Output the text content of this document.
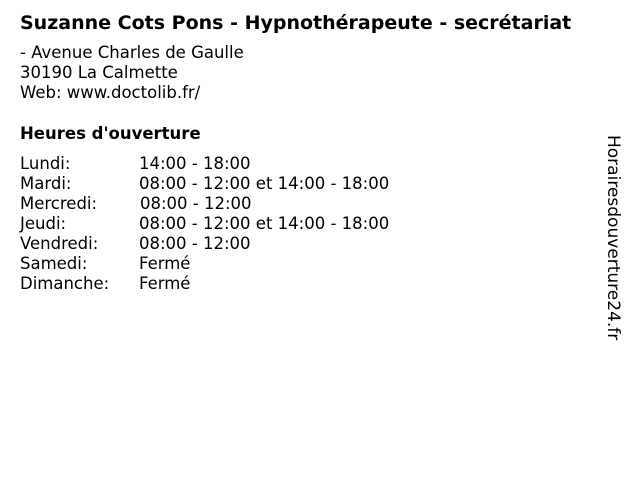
Suzanne Cots Pons - Hypnothérapeute - secrétariat
- Avenue Charles de Gaulle
30190 La Calmette
Web: www.doctolib.fr/
Heures d'ouverture
Lundi:	14:00 - 18:00
Mardi:	08:00 - 12:00 et 14:00 - 18:00
Mercredi:	08:00 - 12:00
Jeudi:	08:00 - 12:00 et 14:00 - 18:00
Vendredi: 08:00 - 12:00
Samedi:	Fermé
Dimanche: Fermé	Horairesdouverture24.fr
